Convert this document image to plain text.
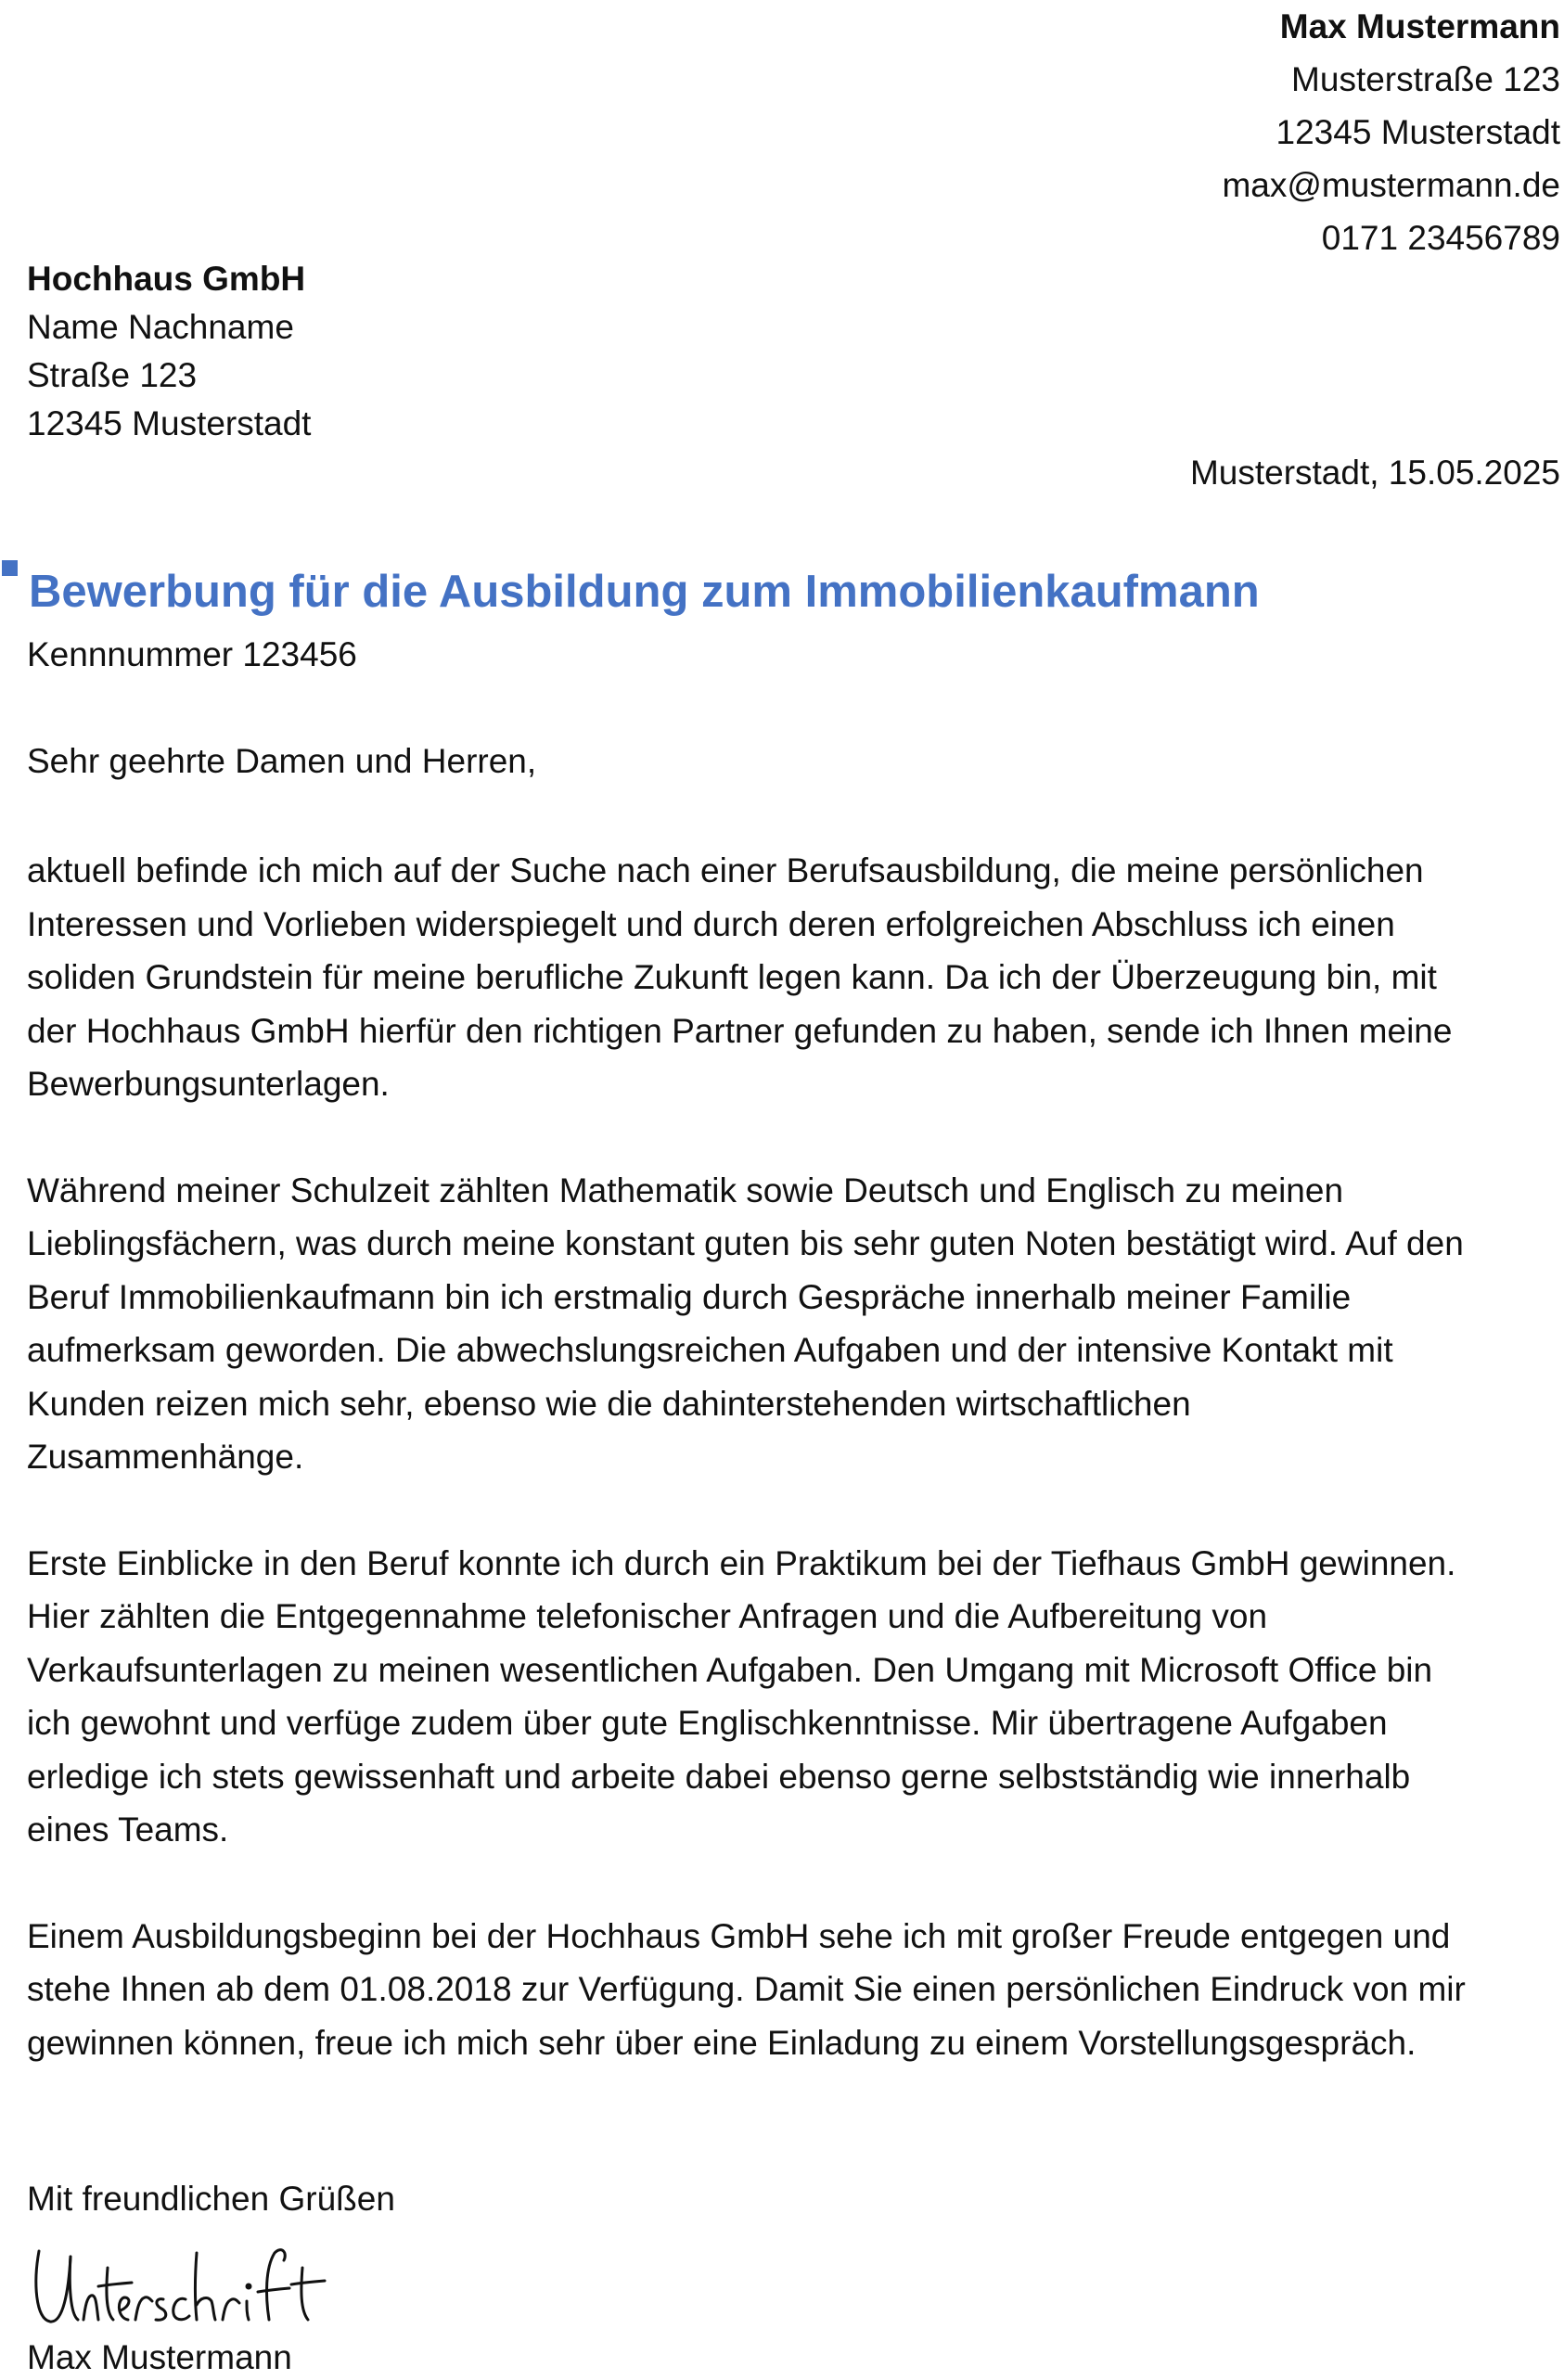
Max Mustermann
Musterstraße 123
12345 Musterstadt
max@mustermann.de
0171 23456789
Hochhaus GmbH
Name Nachname
Straße 123
12345 Musterstadt
Musterstadt, 15.05.2025
Bewerbung für die Ausbildung zum Immobilienkaufmann
Kennnummer 123456
Sehr geehrte Damen und Herren,

aktuell befinde ich mich auf der Suche nach einer Berufsausbildung, die meine persönlichen
Interessen und Vorlieben widerspiegelt und durch deren erfolgreichen Abschluss ich einen
soliden Grundstein für meine berufliche Zukunft legen kann. Da ich der Überzeugung bin, mit
der Hochhaus GmbH hierfür den richtigen Partner gefunden zu haben, sende ich Ihnen meine
Bewerbungsunterlagen.

Während meiner Schulzeit zählten Mathematik sowie Deutsch und Englisch zu meinen
Lieblingsfächern, was durch meine konstant guten bis sehr guten Noten bestätigt wird. Auf den
Beruf Immobilienkaufmann bin ich erstmalig durch Gespräche innerhalb meiner Familie
aufmerksam geworden. Die abwechslungsreichen Aufgaben und der intensive Kontakt mit
Kunden reizen mich sehr, ebenso wie die dahinterstehenden wirtschaftlichen
Zusammenhänge.

Erste Einblicke in den Beruf konnte ich durch ein Praktikum bei der Tiefhaus GmbH gewinnen.
Hier zählten die Entgegennahme telefonischer Anfragen und die Aufbereitung von
Verkaufsunterlagen zu meinen wesentlichen Aufgaben. Den Umgang mit Microsoft Office bin
ich gewohnt und verfüge zudem über gute Englischkenntnisse. Mir übertragene Aufgaben
erledige ich stets gewissenhaft und arbeite dabei ebenso gerne selbstständig wie innerhalb
eines Teams.

Einem Ausbildungsbeginn bei der Hochhaus GmbH sehe ich mit großer Freude entgegen und
stehe Ihnen ab dem 01.08.2018 zur Verfügung. Damit Sie einen persönlichen Eindruck von mir
gewinnen können, freue ich mich sehr über eine Einladung zu einem Vorstellungsgespräch.

Mit freundlichen Grüßen
Max Mustermann
